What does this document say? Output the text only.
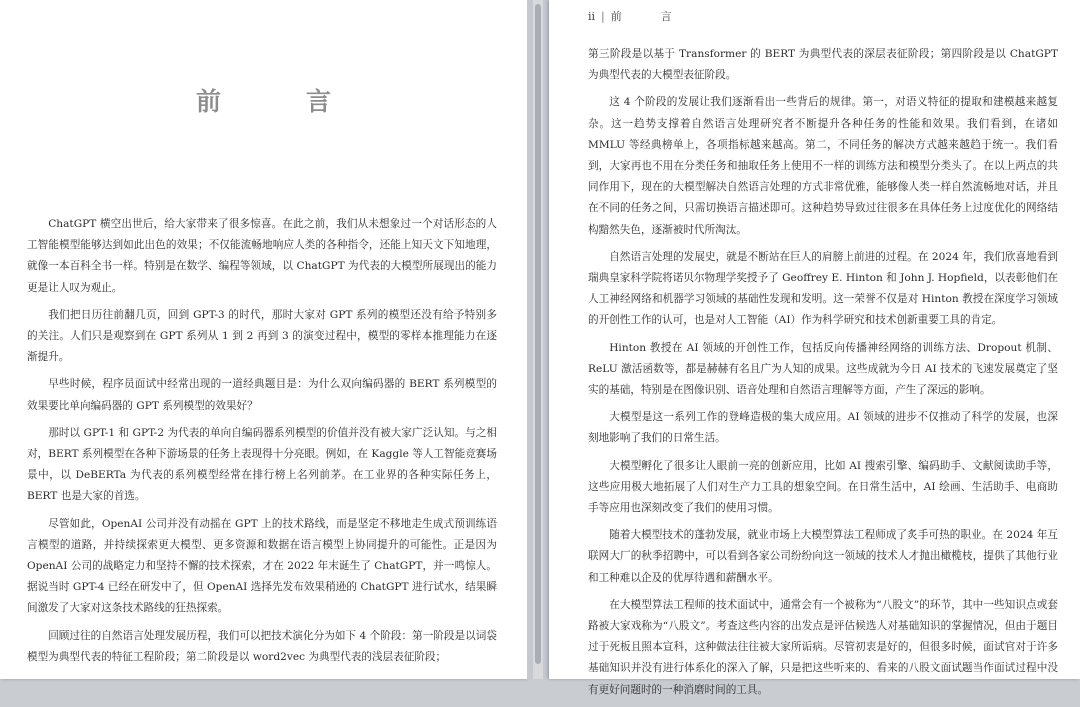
前　言

ChatGPT 横空出世后，给大家带来了很多惊喜。在此之前，我们从未想象过一个对话形态的人工智能模型能够达到如此出色的效果；不仅能流畅地响应人类的各种指令，还能上知天文下知地理，就像一本百科全书一样。特别是在数学、编程等领域，以 ChatGPT 为代表的大模型所展现出的能力更是让人叹为观止。

我们把日历往前翻几页，回到 GPT-3 的时代，那时大家对 GPT 系列的模型还没有给予特别多的关注。人们只是观察到在 GPT 系列从 1 到 2 再到 3 的演变过程中，模型的零样本推理能力在逐渐提升。

早些时候，程序员面试中经常出现的一道经典题目是：为什么双向编码器的 BERT 系列模型的效果要比单向编码器的 GPT 系列模型的效果好？

那时以 GPT-1 和 GPT-2 为代表的单向自编码器系列模型的价值并没有被大家广泛认知。与之相对，BERT 系列模型在各种下游场景的任务上表现得十分亮眼。例如，在 Kaggle 等人工智能竞赛场景中，以 DeBERTa 为代表的系列模型经常在排行榜上名列前茅。在工业界的各种实际任务上，BERT 也是大家的首选。

尽管如此，OpenAI 公司并没有动摇在 GPT 上的技术路线，而是坚定不移地走生成式预训练语言模型的道路，并持续探索更大模型、更多资源和数据在语言模型上协同提升的可能性。正是因为 OpenAI 公司的战略定力和坚持不懈的技术探索，才在 2022 年末诞生了 ChatGPT，并一鸣惊人。据说当时 GPT-4 已经在研发中了，但 OpenAI 选择先发布效果稍逊的 ChatGPT 进行试水，结果瞬间激发了大家对这条技术路线的狂热探索。

回顾过往的自然语言处理发展历程，我们可以把技术演化分为如下 4 个阶段：第一阶段是以词袋模型为典型代表的特征工程阶段；第二阶段是以 word2vec 为典型代表的浅层表征阶段；

ii | 前　言

第三阶段是以基于 Transformer 的 BERT 为典型代表的深层表征阶段；第四阶段是以 ChatGPT 为典型代表的大模型表征阶段。

这 4 个阶段的发展让我们逐渐看出一些背后的规律。第一，对语义特征的提取和建模越来越复杂。这一趋势支撑着自然语言处理研究者不断提升各种任务的性能和效果。我们看到，在诸如 MMLU 等经典榜单上，各项指标越来越高。第二，不同任务的解决方式越来越趋于统一。我们看到，大家再也不用在分类任务和抽取任务上使用不一样的训练方法和模型分类头了。在以上两点的共同作用下，现在的大模型解决自然语言处理的方式非常优雅，能够像人类一样自然流畅地对话，并且在不同的任务之间，只需切换语言描述即可。这种趋势导致过往很多在具体任务上过度优化的网络结构黯然失色，逐渐被时代所淘汰。

自然语言处理的发展史，就是不断站在巨人的肩膀上前进的过程。在 2024 年，我们欣喜地看到瑞典皇家科学院将诺贝尔物理学奖授予了 Geoffrey E. Hinton 和 John J. Hopfield，以表彰他们在人工神经网络和机器学习领域的基础性发现和发明。这一荣誉不仅是对 Hinton 教授在深度学习领域的开创性工作的认可，也是对人工智能（AI）作为科学研究和技术创新重要工具的肯定。

Hinton 教授在 AI 领域的开创性工作，包括反向传播神经网络的训练方法、Dropout 机制、ReLU 激活函数等，都是赫赫有名且广为人知的成果。这些成就为今日 AI 技术的飞速发展奠定了坚实的基础，特别是在图像识别、语音处理和自然语言理解等方面，产生了深远的影响。

大模型是这一系列工作的登峰造极的集大成应用。AI 领域的进步不仅推动了科学的发展，也深刻地影响了我们的日常生活。

大模型孵化了很多让人眼前一亮的创新应用，比如 AI 搜索引擎、编码助手、文献阅读助手等，这些应用极大地拓展了人们对生产力工具的想象空间。在日常生活中，AI 绘画、生活助手、电商助手等应用也深刻改变了我们的使用习惯。

随着大模型技术的蓬勃发展，就业市场上大模型算法工程师成了炙手可热的职业。在 2024 年互联网大厂的秋季招聘中，可以看到各家公司纷纷向这一领域的技术人才抛出橄榄枝，提供了其他行业和工种难以企及的优厚待遇和薪酬水平。

在大模型算法工程师的技术面试中，通常会有一个被称为“八股文”的环节，其中一些知识点或套路被大家戏称为“八股文”。考查这些内容的出发点是评估候选人对基础知识的掌握情况，但由于题目过于死板且照本宣科，这种做法往往被大家所诟病。尽管初衷是好的，但很多时候，面试官对于许多基础知识并没有进行体系化的深入了解，只是把这些听来的、看来的八股文面试题当作面试过程中没有更好问题时的一种消磨时间的工具。
